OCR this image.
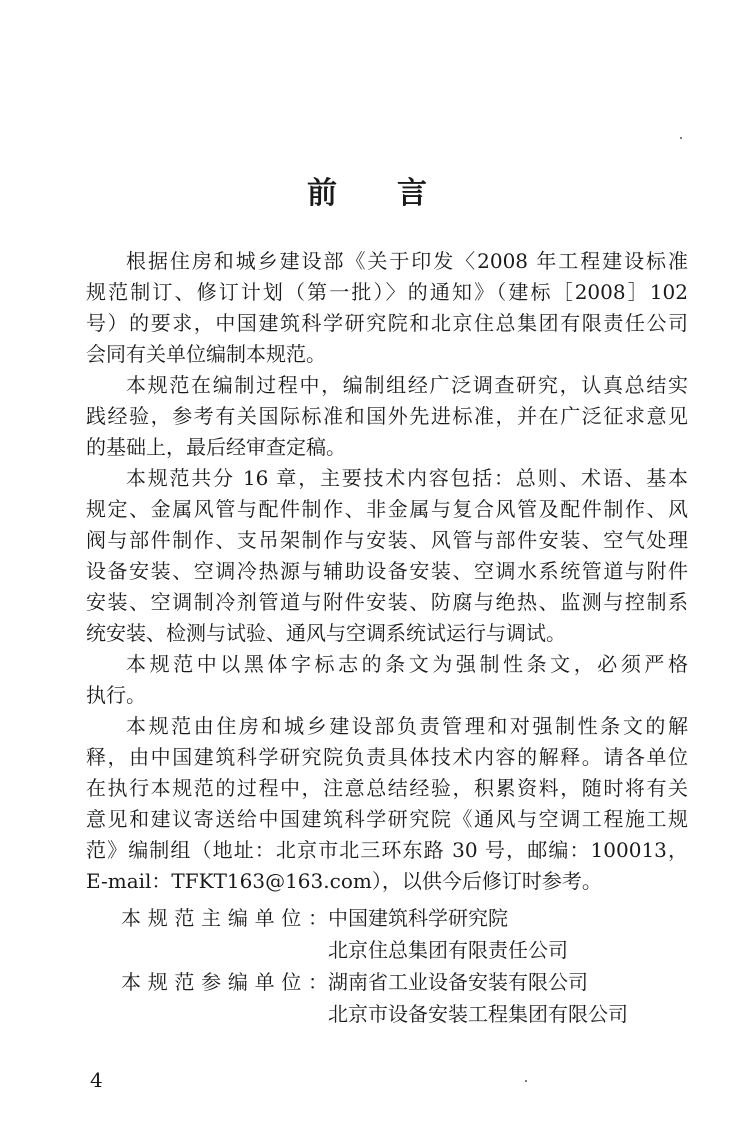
前言
根据住房和城乡建设部《关于印发〈2008 年工程建设标准
规范制订、修订计划（第一批）〉的通知》（建标［2008］102
号）的要求，中国建筑科学研究院和北京住总集团有限责任公司
会同有关单位编制本规范。
本规范在编制过程中，编制组经广泛调查研究，认真总结实
践经验，参考有关国际标准和国外先进标准，并在广泛征求意见
的基础上，最后经审查定稿。
本规范共分 16 章，主要技术内容包括：总则、术语、基本
规定、金属风管与配件制作、非金属与复合风管及配件制作、风
阀与部件制作、支吊架制作与安装、风管与部件安装、空气处理
设备安装、空调冷热源与辅助设备安装、空调水系统管道与附件
安装、空调制冷剂管道与附件安装、防腐与绝热、监测与控制系
统安装、检测与试验、通风与空调系统试运行与调试。
本规范中以黑体字标志的条文为强制性条文，必须严格
执行。
本规范由住房和城乡建设部负责管理和对强制性条文的解
释，由中国建筑科学研究院负责具体技术内容的解释。请各单位
在执行本规范的过程中，注意总结经验，积累资料，随时将有关
意见和建议寄送给中国建筑科学研究院《通风与空调工程施工规
范》编制组（地址：北京市北三环东路 30 号，邮编：100013，
E-mail：TFKT163@163.com），以供今后修订时参考。
本规范主编单位：中国建筑科学研究院
北京住总集团有限责任公司
本规范参编单位：湖南省工业设备安装有限公司
北京市设备安装工程集团有限公司
4
